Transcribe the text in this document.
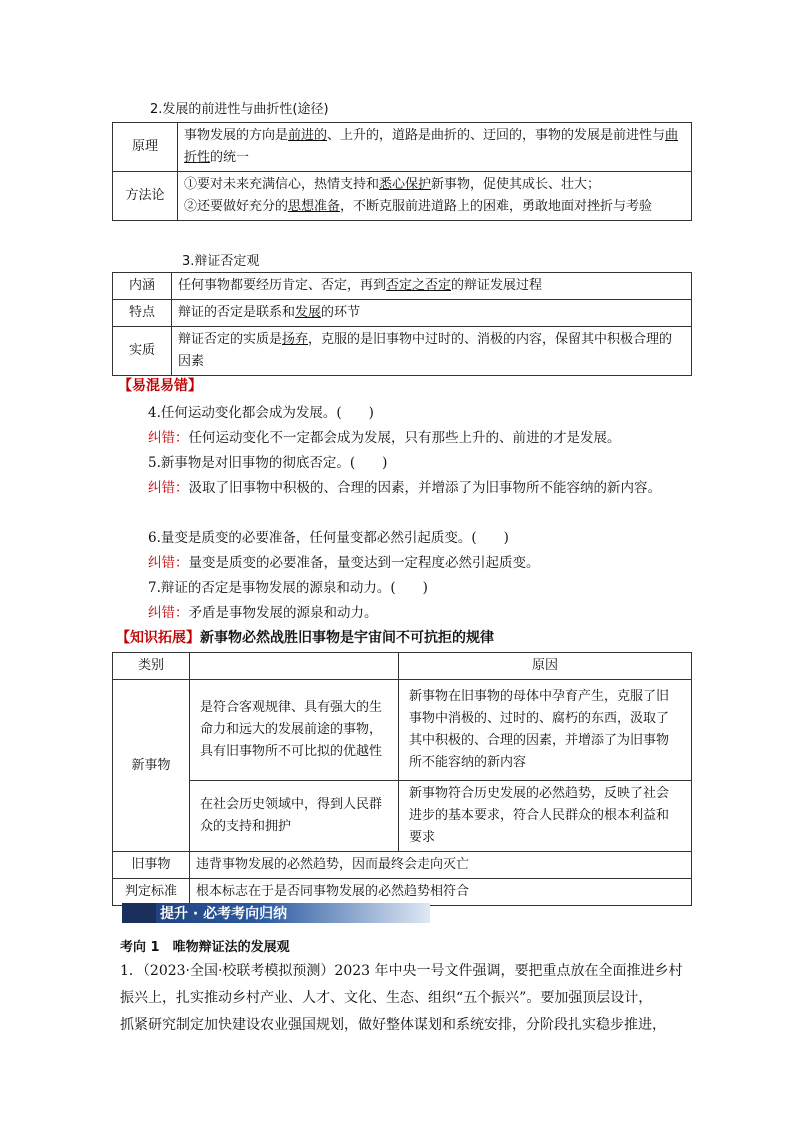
2.发展的前进性与曲折性(途径)
原理	事物发展的方向是前进的、上升的，道路是曲折的、迂回的，事物的发展是前进性与曲折性的统一
方法论	①要对未来充满信心，热情支持和悉心保护新事物，促使其成长、壮大；
②还要做好充分的思想准备，不断克服前进道路上的困难，勇敢地面对挫折与考验
3.辩证否定观
内涵	任何事物都要经历肯定、否定，再到否定之否定的辩证发展过程
特点	辩证的否定是联系和发展的环节
实质	辩证否定的实质是扬弃，克服的是旧事物中过时的、消极的内容，保留其中积极合理的因素
【易混易错】
4.任何运动变化都会成为发展。(　　)
纠错：任何运动变化不一定都会成为发展，只有那些上升的、前进的才是发展。
5.新事物是对旧事物的彻底否定。(　　)
纠错：汲取了旧事物中积极的、合理的因素，并增添了为旧事物所不能容纳的新内容。
6.量变是质变的必要准备，任何量变都必然引起质变。(　　)
纠错：量变是质变的必要准备，量变达到一定程度必然引起质变。
7.辩证的否定是事物发展的源泉和动力。(　　)
纠错：矛盾是事物发展的源泉和动力。
【知识拓展】新事物必然战胜旧事物是宇宙间不可抗拒的规律
类别		原因
新事物	是符合客观规律、具有强大的生命力和远大的发展前途的事物，具有旧事物所不可比拟的优越性	新事物在旧事物的母体中孕育产生，克服了旧事物中消极的、过时的、腐朽的东西，汲取了其中积极的、合理的因素，并增添了为旧事物所不能容纳的新内容
	在社会历史领域中，得到人民群众的支持和拥护	新事物符合历史发展的必然趋势，反映了社会进步的基本要求，符合人民群众的根本利益和要求
旧事物	违背事物发展的必然趋势，因而最终会走向灭亡	
判定标准	根本标志在于是否同事物发展的必然趋势相符合	
提升 · 必考考向归纳
考向 1　唯物辩证法的发展观

1．（2023·全国·校联考模拟预测）2023 年中央一号文件强调，要把重点放在全面推进乡村

振兴上，扎实推动乡村产业、人才、文化、生态、组织“五个振兴”。要加强顶层设计，

抓紧研究制定加快建设农业强国规划，做好整体谋划和系统安排，分阶段扎实稳步推进，
